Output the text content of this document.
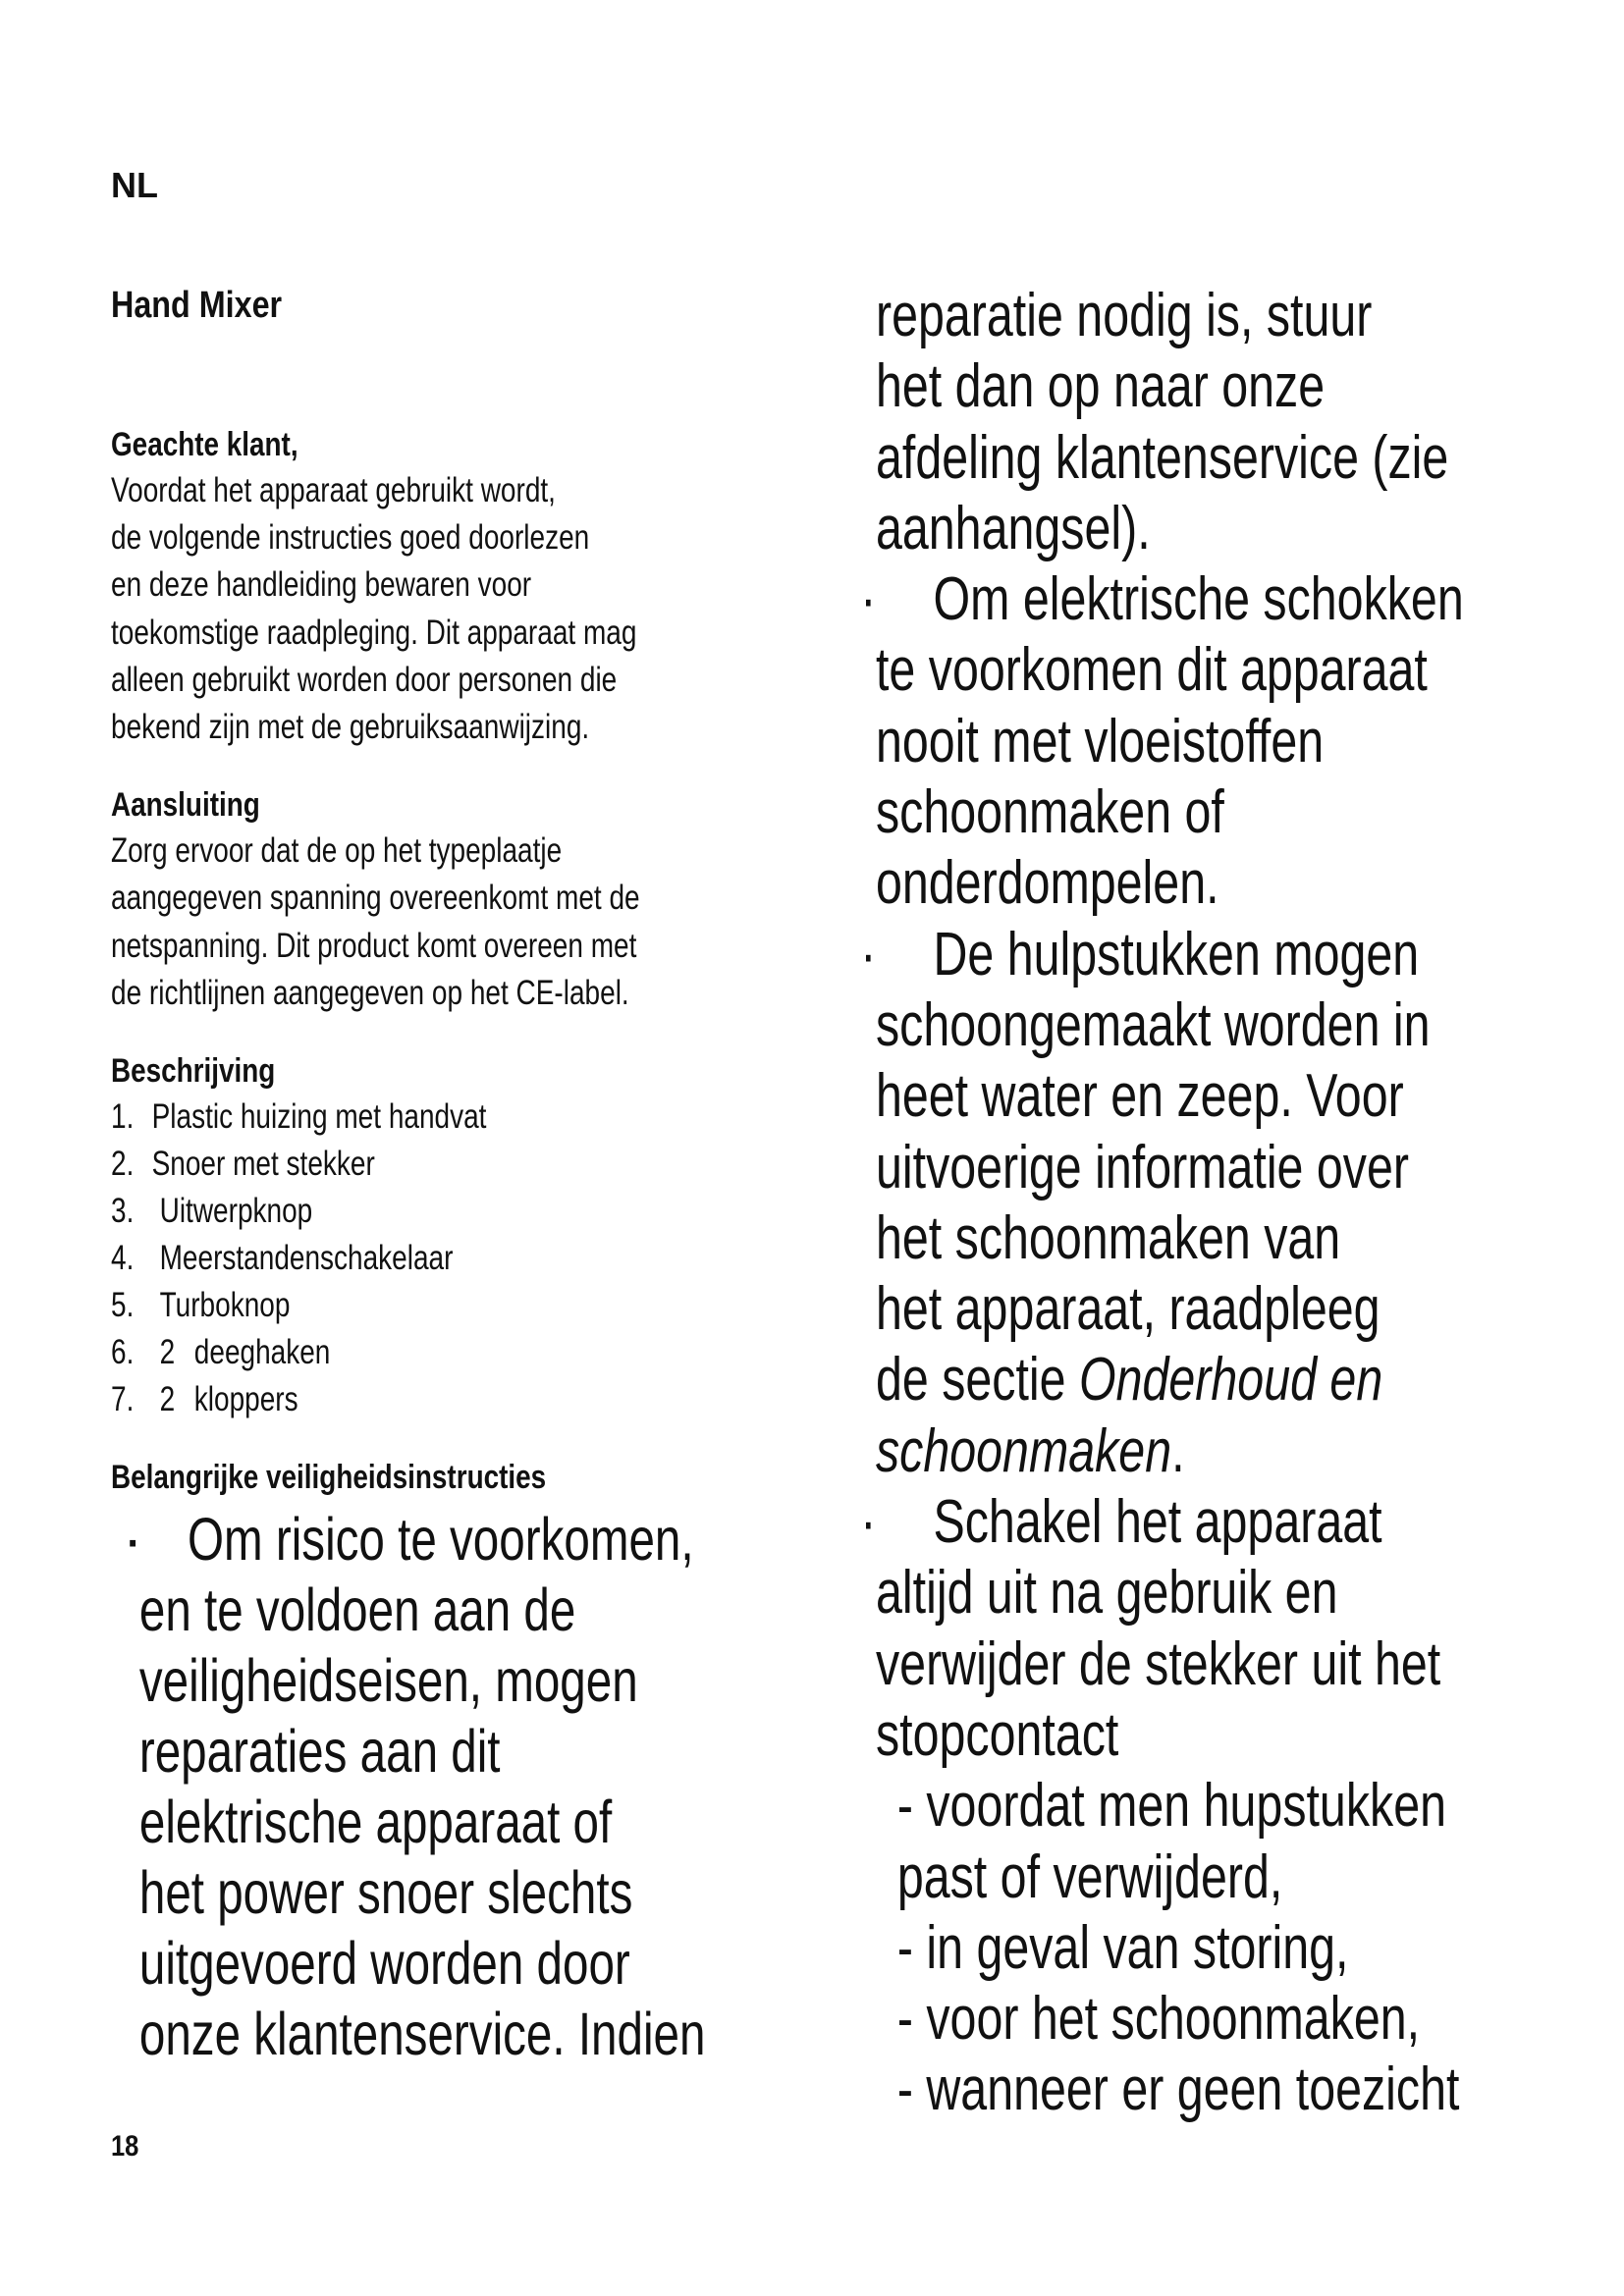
NL
Hand Mixer
Geachte klant,
Voordat het apparaat gebruikt wordt,
de volgende instructies goed doorlezen
en deze handleiding bewaren voor
toekomstige raadpleging. Dit apparaat mag
alleen gebruikt worden door personen die
bekend zijn met de gebruiksaanwijzing.
Aansluiting
Zorg ervoor dat de op het typeplaatje
aangegeven spanning overeenkomt met de
netspanning. Dit product komt overeen met
de richtlijnen aangegeven op het CE-label.
Beschrijving
1. Plastic huizing met handvat
2. Snoer met stekker
3. Uitwerpknop
4. Meerstandenschakelaar
5. Turboknop
6. 2 deeghaken
7. 2 kloppers
Belangrijke veiligheidsinstructies
· Om risico te voorkomen,
en te voldoen aan de
veiligheidseisen, mogen
reparaties aan dit
elektrische apparaat of
het power snoer slechts
uitgevoerd worden door
onze klantenservice. Indien
reparatie nodig is, stuur
het dan op naar onze
afdeling klantenservice (zie
aanhangsel).
· Om elektrische schokken
te voorkomen dit apparaat
nooit met vloeistoffen
schoonmaken of
onderdompelen.
· De hulpstukken mogen
schoongemaakt worden in
heet water en zeep. Voor
uitvoerige informatie over
het schoonmaken van
het apparaat, raadpleeg
de sectie Onderhoud en
schoonmaken.
· Schakel het apparaat
altijd uit na gebruik en
verwijder de stekker uit het
stopcontact
- voordat men hupstukken
past of verwijderd,
- in geval van storing,
- voor het schoonmaken,
- wanneer er geen toezicht
18
